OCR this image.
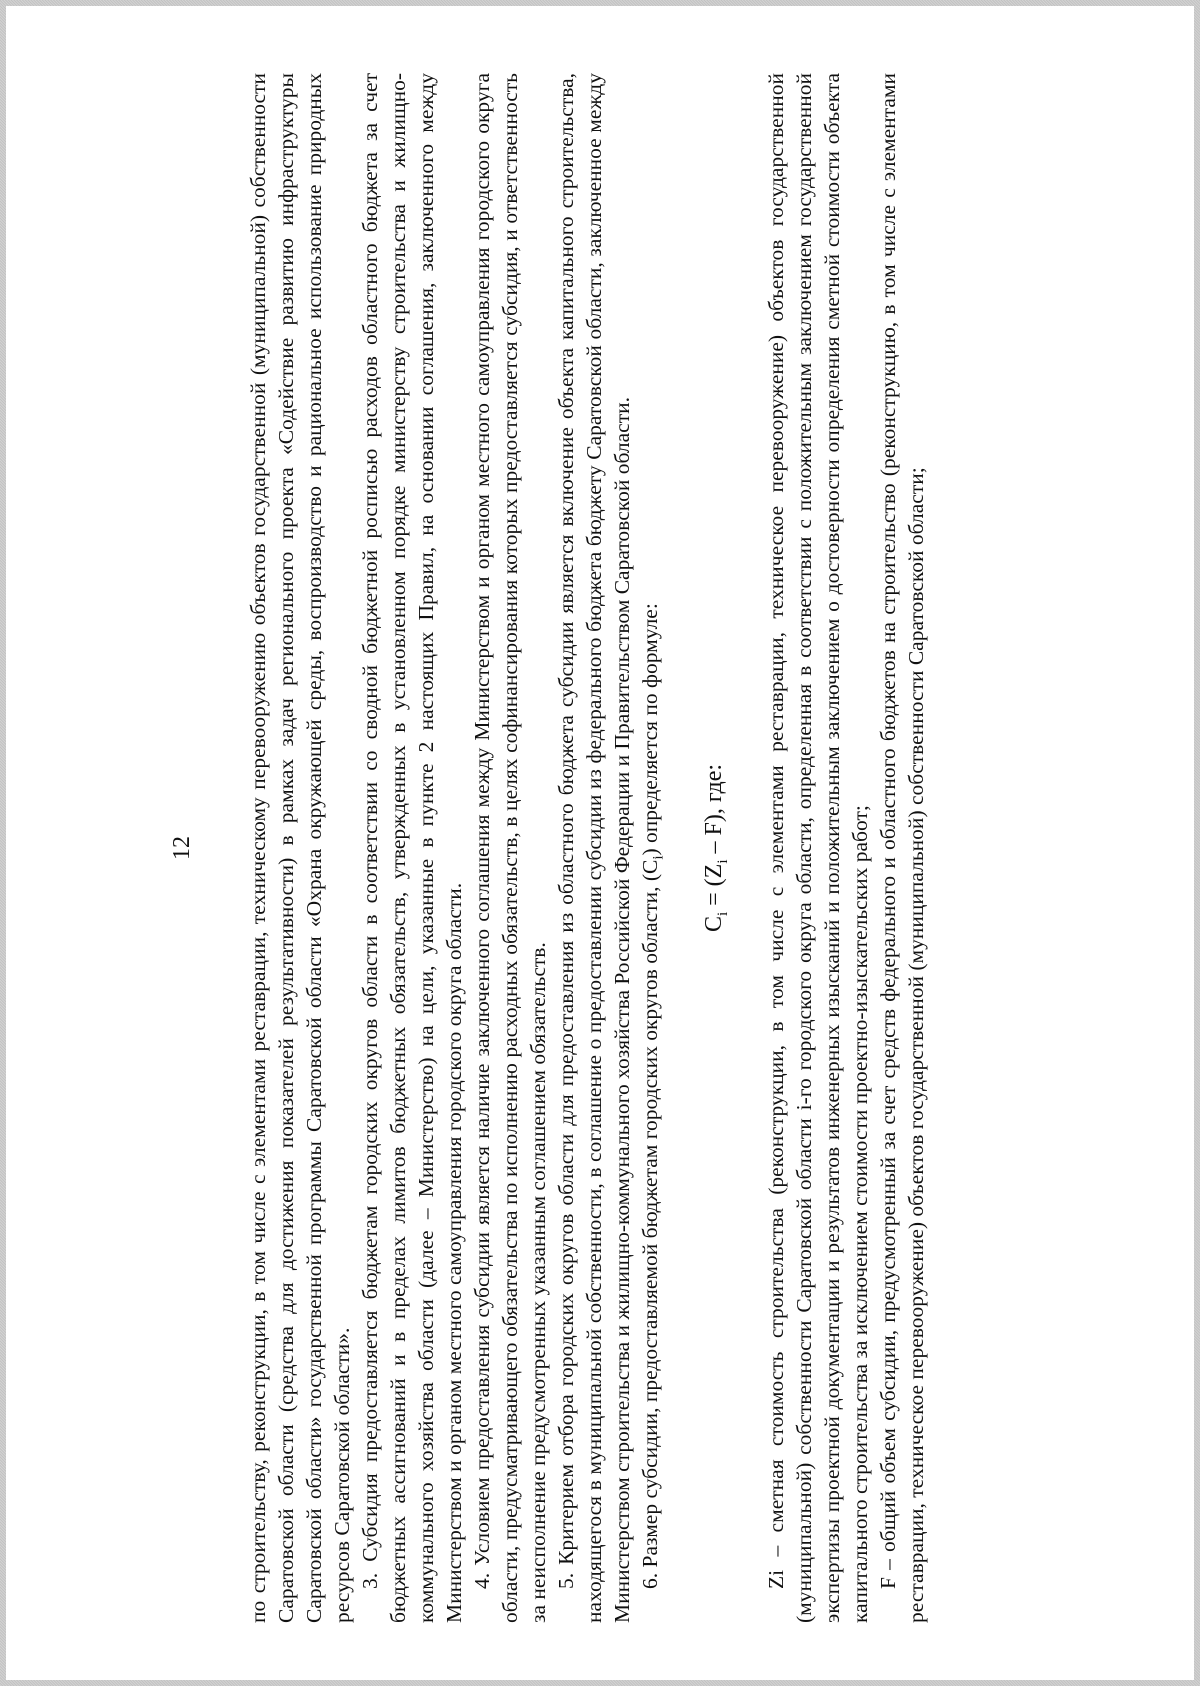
12 по строительству, реконструкции, в том числе с элементами реставрации, техническому перевооружению объектов государственной (муниципальной) собственности Саратовской области (средства для достижения показателей результативности) в рамках задач регионального проекта «Содействие развитию инфраструктуры Саратовской области» государственной программы Саратовской области «Охрана окружающей среды, воспроизводство и рациональное использование природных ресурсов Саратовской области». 3. Субсидия предоставляется бюджетам городских округов области в соответствии со сводной бюджетной росписью расходов областного бюджета за счет бюджетных ассигнований и в пределах лимитов бюджетных обязательств, утвержденных в установленном порядке министерству строительства и жилищно-коммунального хозяйства области (далее – Министерство) на цели, указанные в пункте 2 настоящих Правил, на основании соглашения, заключенного между Министерством и органом местного самоуправления городского округа области. 4. Условием предоставления субсидии является наличие заключенного соглашения между Министерством и органом местного самоуправления городского округа области, предусматривающего обязательства по исполнению расходных обязательств, в целях софинансирования которых предоставляется субсидия, и ответственность за неисполнение предусмотренных указанным соглашением обязательств. 5. Критерием отбора городских округов области для предоставления из областного бюджета субсидии является включение объекта капитального строительства, находящегося в муниципальной собственности, в соглашение о предоставлении субсидии из федерального бюджета бюджету Саратовской области, заключенное между Министерством строительства и жилищно-коммунального хозяйства Российской Федерации и Правительством Саратовской области. 6. Размер субсидии, предоставляемой бюджетам городских округов области, $(С_i)$ определяется по формуле:

$С_i = (Z_i - F)$, где: Zi – сметная стоимость строительства (реконструкции, в том числе с элементами реставрации, техническое перевооружение) объектов государственной (муниципальной) собственности Саратовской области i-го городского округа области, определенная в соответствии с положительным заключением государственной экспертизы проектной документации и результатов инженерных изысканий и положительным заключением о достоверности определения сметной стоимости объекта капитального строительства за исключением стоимости проектно-изыскательских работ; F – общий объем субсидии, предусмотренный за счет средств федерального и областного бюджетов на строительство (реконструкцию, в том числе с элементами реставрации, техническое перевооружение) объектов государственной (муниципальной) собственности Саратовской области;
